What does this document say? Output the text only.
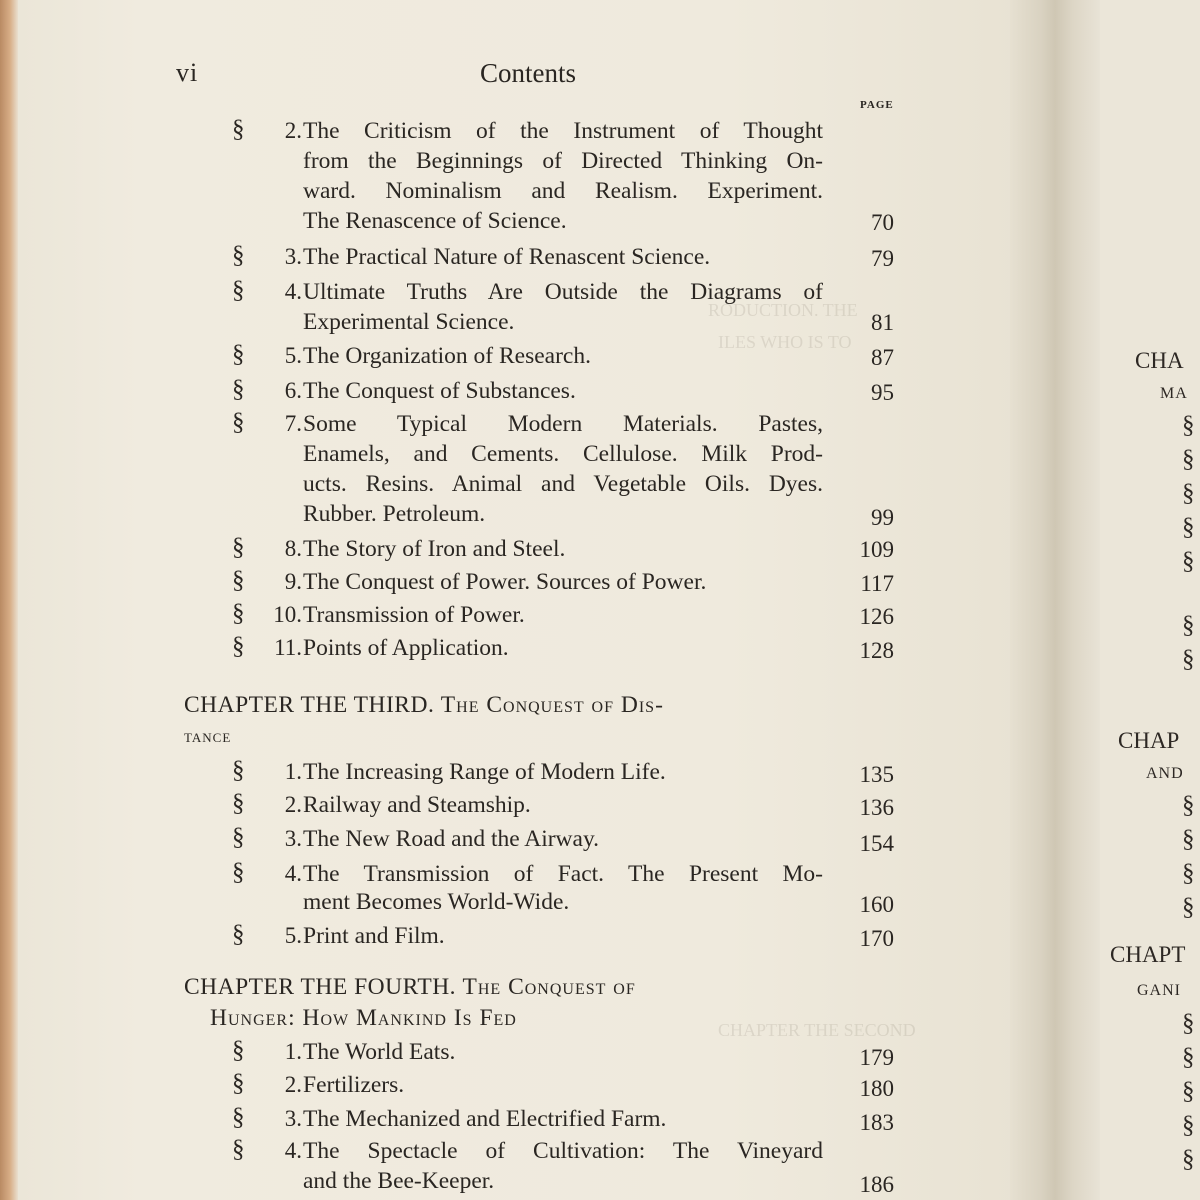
RODUCTION. THE
ILES WHO IS TO
CHAPTER THE SECOND
vi	Contents
PAGE
§	2. The Criticism of the Instrument of Thought
from the Beginnings of Directed Thinking On-
ward. Nominalism and Realism. Experiment.
The Renascence of Science.	70
§	3. The Practical Nature of Renascent Science.	79
§	4. Ultimate Truths Are Outside the Diagrams of
Experimental Science.	81
§	5. The Organization of Research.	87
§	6. The Conquest of Substances.	95
§	7. Some Typical Modern Materials. Pastes,
Enamels, and Cements. Cellulose. Milk Prod-
ucts. Resins. Animal and Vegetable Oils. Dyes.
Rubber. Petroleum.	99
§	8. The Story of Iron and Steel.	109
§	9. The Conquest of Power. Sources of Power.	117
§	10. Transmission of Power.	126
§	11. Points of Application.	128
CHAPTER THE THIRD. The Conquest of Dis-
tance
§	1. The Increasing Range of Modern Life.	135
§	2. Railway and Steamship.	136
§	3. The New Road and the Airway.	154
§	4. The Transmission of Fact. The Present Mo-
ment Becomes World-Wide.	160
§	5. Print and Film.	170
CHAPTER THE FOURTH. The Conquest of
Hunger: How Mankind Is Fed
§	1. The World Eats.	179
§	2. Fertilizers.	180
§	3. The Mechanized and Electrified Farm.	183
§	4. The Spectacle of Cultivation: The Vineyard
and the Bee-Keeper.	186
CHA
MA
CHAP
AND
CHAPT
GANI
§
§
§
§
§
§
§
§
§
§
§
§
§
§
§
§
